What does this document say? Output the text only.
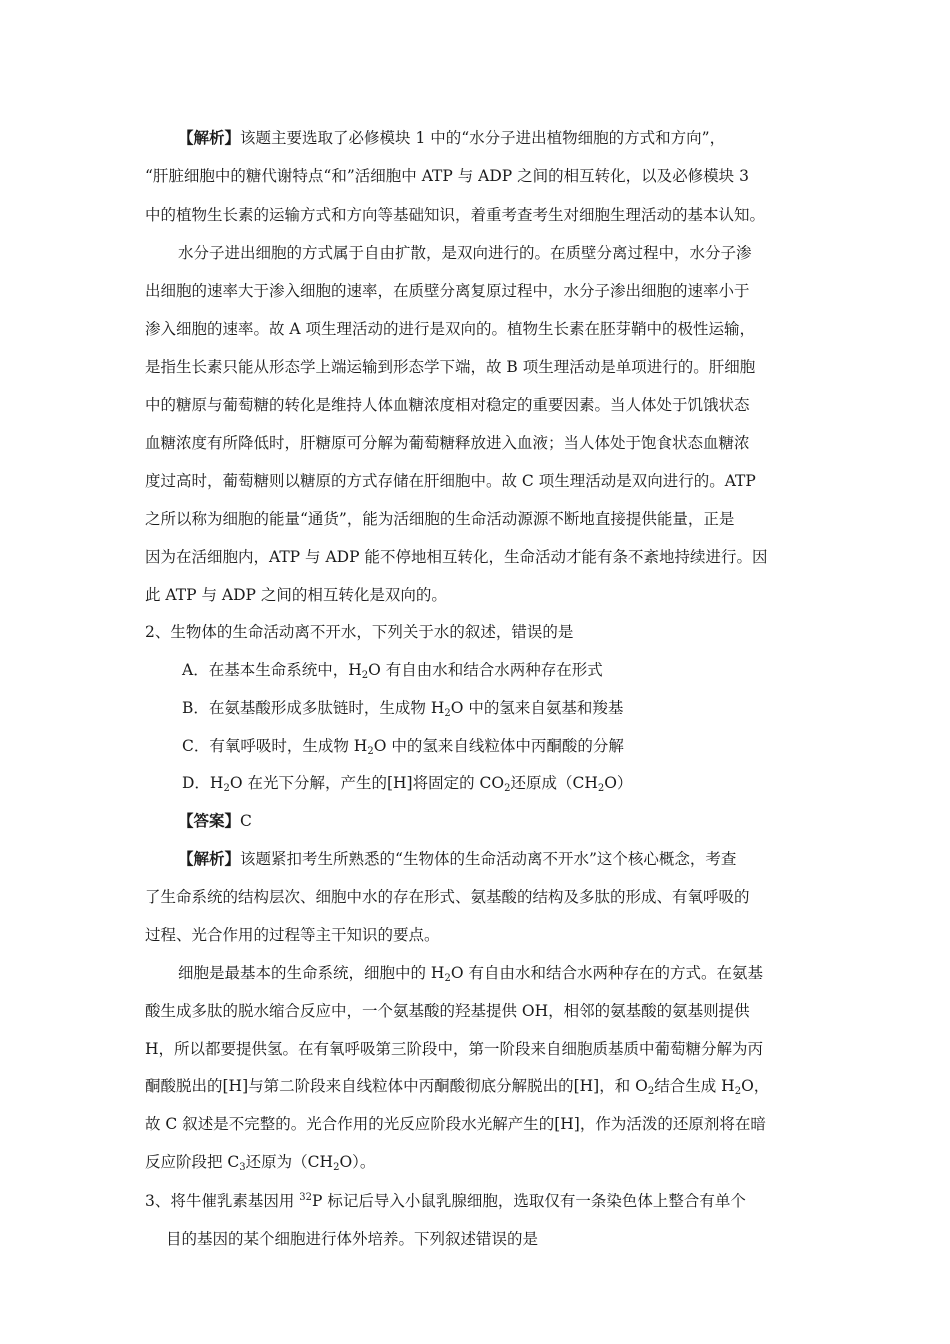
【解析】该题主要选取了必修模块 1 中的“水分子进出植物细胞的方式和方向”，
“肝脏细胞中的糖代谢特点“和”活细胞中 ATP 与 ADP 之间的相互转化，以及必修模块 3
中的植物生长素的运输方式和方向等基础知识，着重考查考生对细胞生理活动的基本认知。
水分子进出细胞的方式属于自由扩散，是双向进行的。在质壁分离过程中，水分子渗
出细胞的速率大于渗入细胞的速率，在质壁分离复原过程中，水分子渗出细胞的速率小于
渗入细胞的速率。故 A 项生理活动的进行是双向的。植物生长素在胚芽鞘中的极性运输，
是指生长素只能从形态学上端运输到形态学下端，故 B 项生理活动是单项进行的。肝细胞
中的糖原与葡萄糖的转化是维持人体血糖浓度相对稳定的重要因素。当人体处于饥饿状态
血糖浓度有所降低时，肝糖原可分解为葡萄糖释放进入血液；当人体处于饱食状态血糖浓
度过高时，葡萄糖则以糖原的方式存储在肝细胞中。故 C 项生理活动是双向进行的。ATP
之所以称为细胞的能量“通货”，能为活细胞的生命活动源源不断地直接提供能量，正是
因为在活细胞内，ATP 与 ADP 能不停地相互转化，生命活动才能有条不紊地持续进行。因
此 ATP 与 ADP 之间的相互转化是双向的。
2、生物体的生命活动离不开水，下列关于水的叙述，错误的是
A．在基本生命系统中，$H_2O$ 有自由水和结合水两种存在形式
B．在氨基酸形成多肽链时，生成物 $H_2O$ 中的氢来自氨基和羧基
C．有氧呼吸时，生成物 $H_2O$ 中的氢来自线粒体中丙酮酸的分解
D．$H_2O$ 在光下分解，产生的[H]将固定的 $CO_2$还原成$(CH_2O)$
【答案】C
【解析】该题紧扣考生所熟悉的“生物体的生命活动离不开水”这个核心概念，考查
了生命系统的结构层次、细胞中水的存在形式、氨基酸的结构及多肽的形成、有氧呼吸的
过程、光合作用的过程等主干知识的要点。
细胞是最基本的生命系统，细胞中的 $H_2O$ 有自由水和结合水两种存在的方式。在氨基
酸生成多肽的脱水缩合反应中，一个氨基酸的羟基提供 OH，相邻的氨基酸的氨基则提供
H，所以都要提供氢。在有氧呼吸第三阶段中，第一阶段来自细胞质基质中葡萄糖分解为丙
酮酸脱出的[H]与第二阶段来自线粒体中丙酮酸彻底分解脱出的[H]，和 $O_2$结合生成 $H_2O$，
故 C 叙述是不完整的。光合作用的光反应阶段水光解产生的[H]，作为活泼的还原剂将在暗
反应阶段把 $C_3$还原为$(CH_2O)$。
3、将牛催乳素基因用 $^{32}$P 标记后导入小鼠乳腺细胞，选取仅有一条染色体上整合有单个
目的基因的某个细胞进行体外培养。下列叙述错误的是
